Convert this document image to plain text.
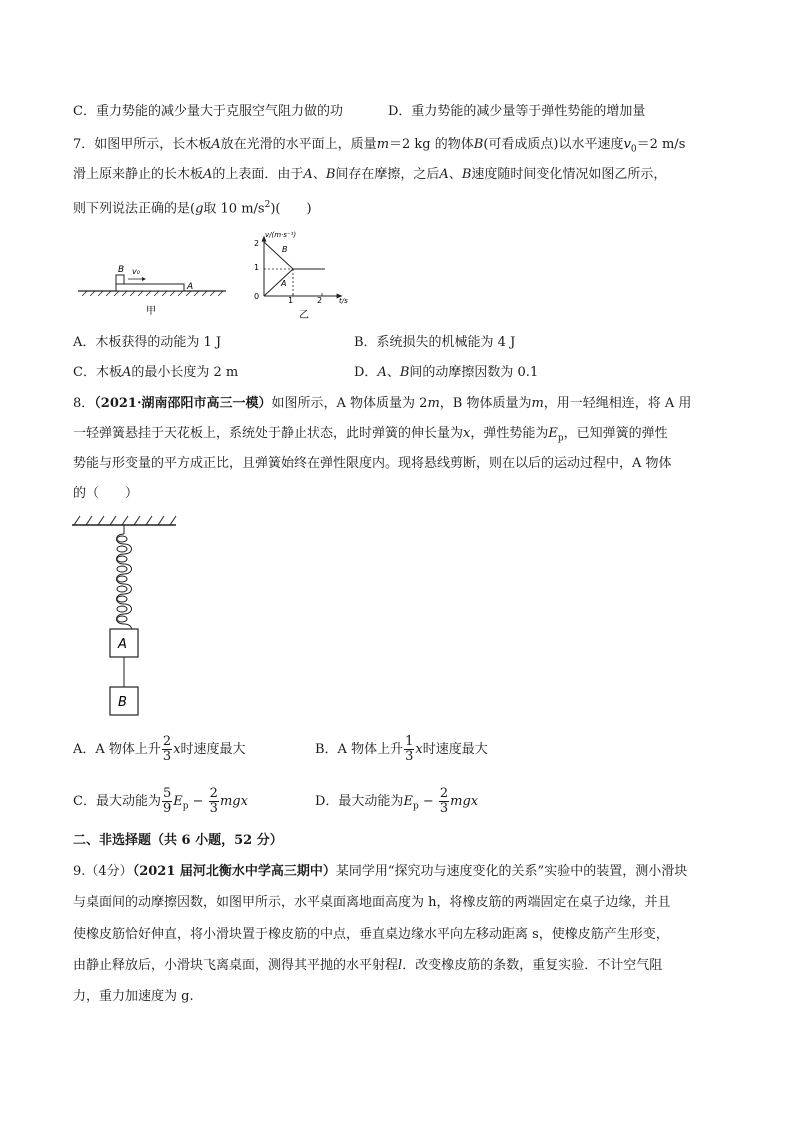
C．重力势能的减少量大于克服空气阻力做的功	D．重力势能的减少量等于弹性势能的增加量
7．如图甲所示，长木板A放在光滑的水平面上，质量m＝2 kg 的物体B(可看成质点)以水平速度$v_0=2$ m/s
滑上原来静止的长木板A的上表面．由于A、B间存在摩擦，之后A、B速度随时间变化情况如图乙所示，
则下列说法正确的是(g取 10 $m/s^2$)(　　)
B v₀
A
甲
v/(m·s⁻¹)
t/s
2
1
0	1	2
B
A
乙
A．木板获得的动能为 1 J	B．系统损失的机械能为 4 J
C．木板A的最小长度为 2 m	D．A、B间的动摩擦因数为 0.1
8．（2021·湖南邵阳市高三一模）如图所示，A 物体质量为 2m，B 物体质量为m，用一轻绳相连，将 A 用
一轻弹簧悬挂于天花板上，系统处于静止状态，此时弹簧的伸长量为x，弹性势能为$E_p$，已知弹簧的弹性
势能与形变量的平方成正比，且弹簧始终在弹性限度内。现将悬线剪断，则在以后的运动过程中，A 物体
的（　　）
A
B
A．A 物体上升 $\frac{2}{3}$ x时速度最大	B．A 物体上升 $\frac{1}{3}$ x时速度最大
C．最大动能为 $\frac{5}{9} E_p - \frac{2}{3}$ mgx	D．最大动能为$E_p - \frac{2}{3}$ mgx
二、非选择题（共 6 小题，52 分）
9.（4分）（2021 届河北衡水中学高三期中）某同学用“探究功与速度变化的关系”实验中的装置，测小滑块
与桌面间的动摩擦因数，如图甲所示，水平桌面离地面高度为 h，将橡皮筋的两端固定在桌子边缘，并且
使橡皮筋恰好伸直，将小滑块置于橡皮筋的中点，垂直桌边缘水平向左移动距离 s，使橡皮筋产生形变，
由静止释放后，小滑块飞离桌面，测得其平抛的水平射程l．改变橡皮筋的条数，重复实验．不计空气阻
力，重力加速度为 g.
